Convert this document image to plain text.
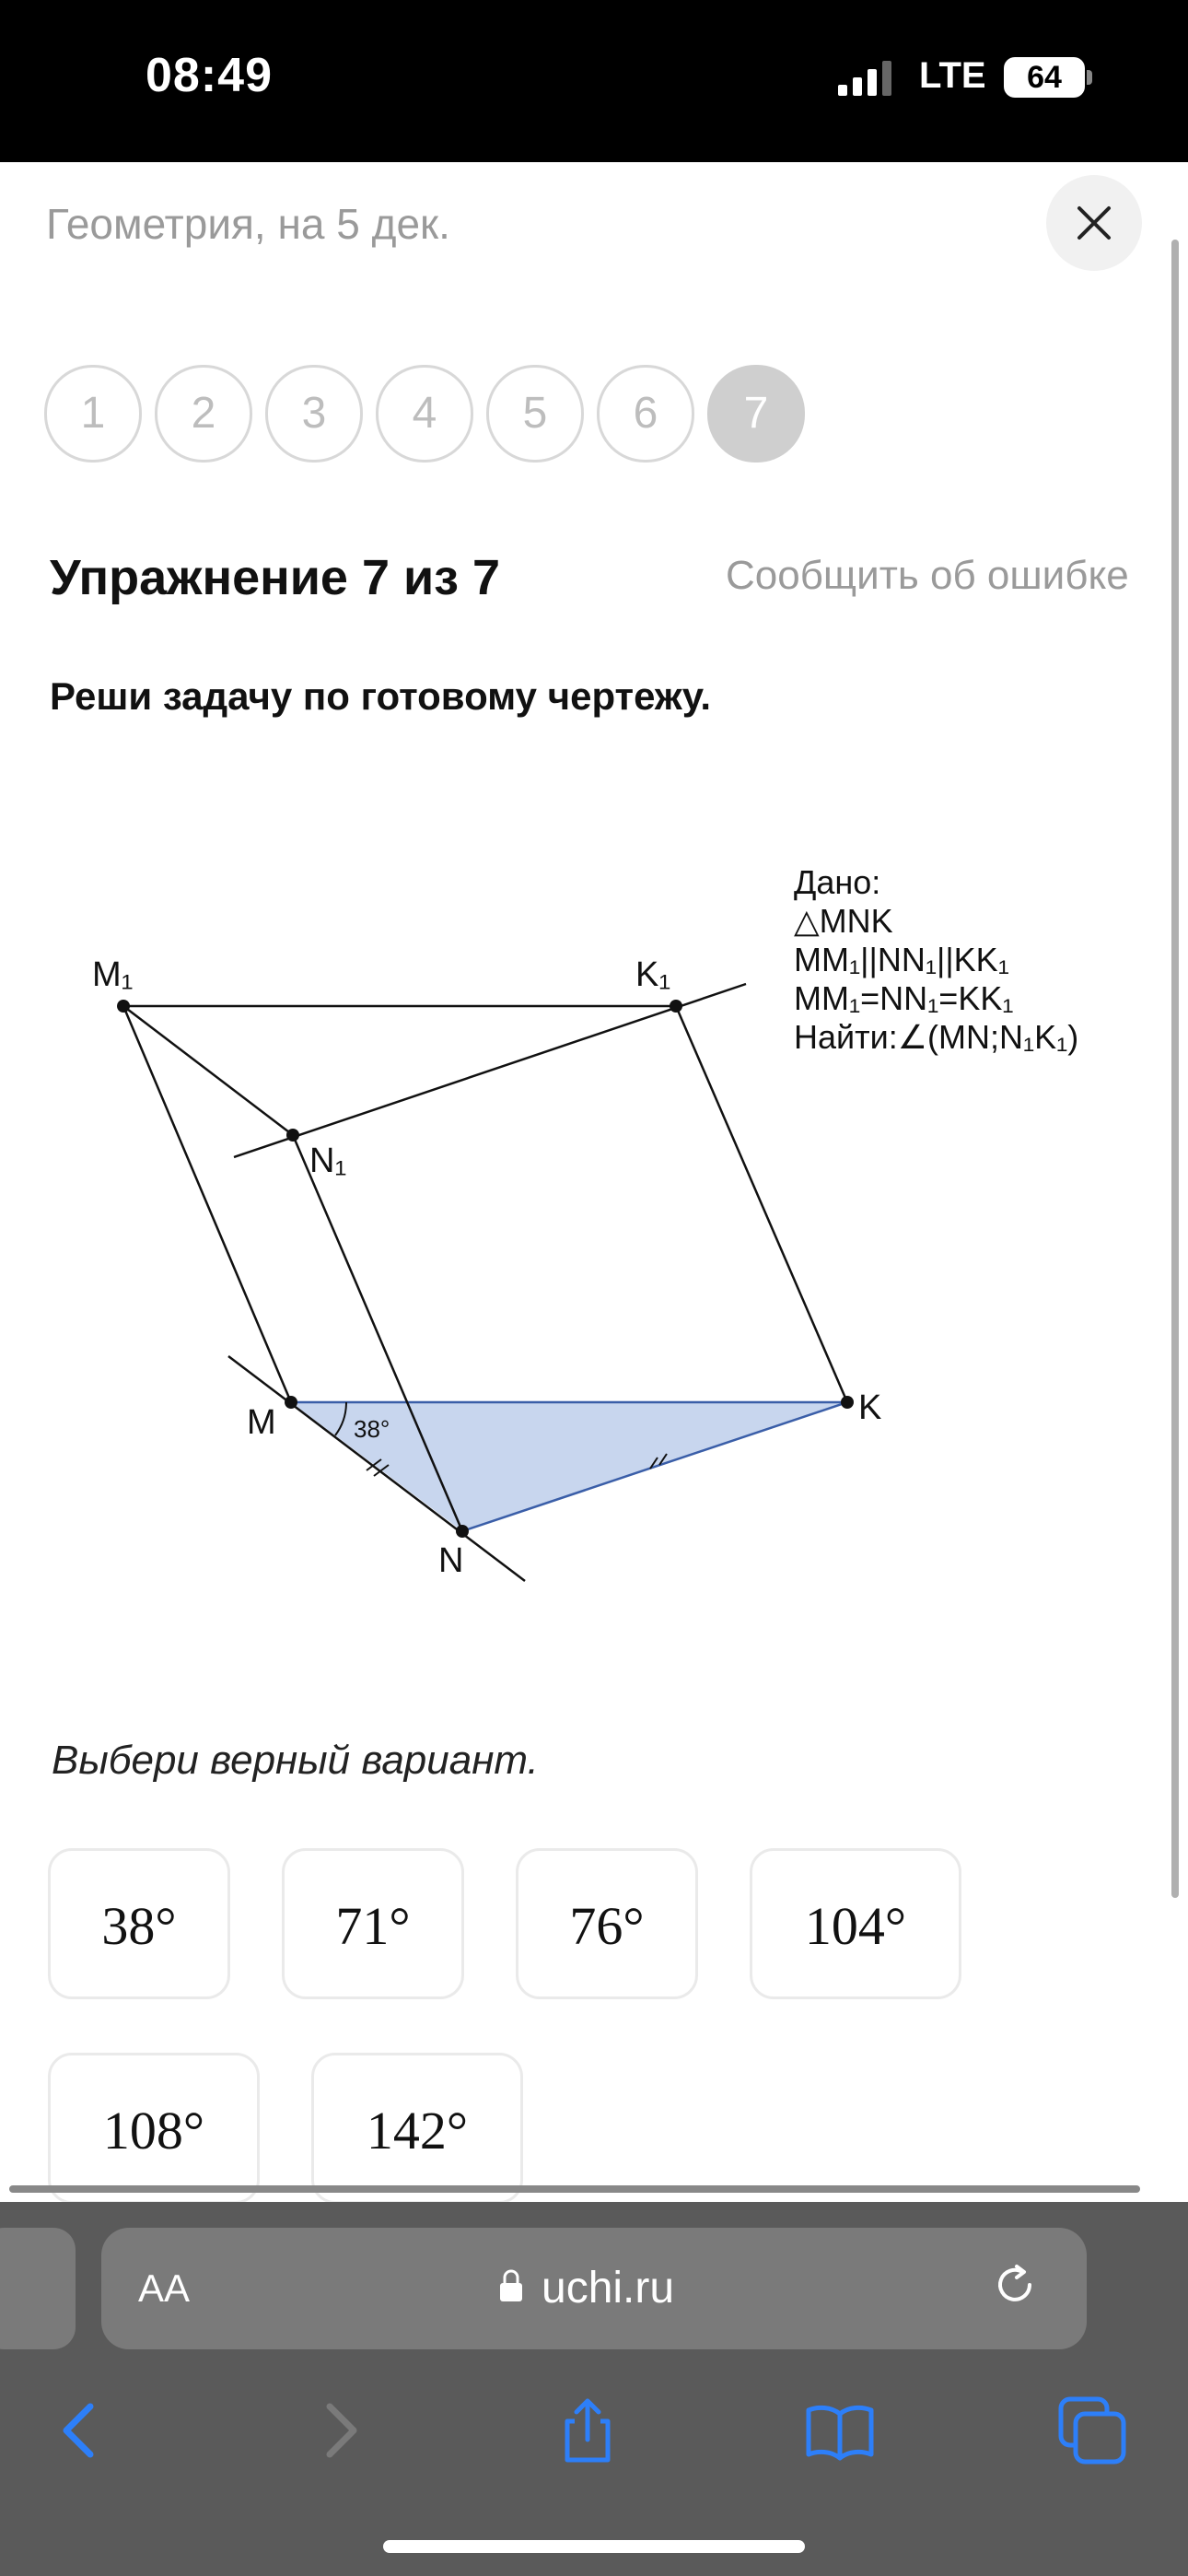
08:49	LTE	64
Геометрия, на 5 дек.
1	2	3	4	5	6	7
Упражнение 7 из 7	Сообщить об ошибке
Реши задачу по готовому чертежу.
M₁	K₁
N₁
M	K
N
38°
Дано:
△MNK
MM₁||NN₁||KK₁
MM₁=NN₁=KK₁
Найти:∠(MN;N₁K₁)
Выбери верный вариант.
38°	71°	76°	104°
108°	142°
AA	uchi.ru
